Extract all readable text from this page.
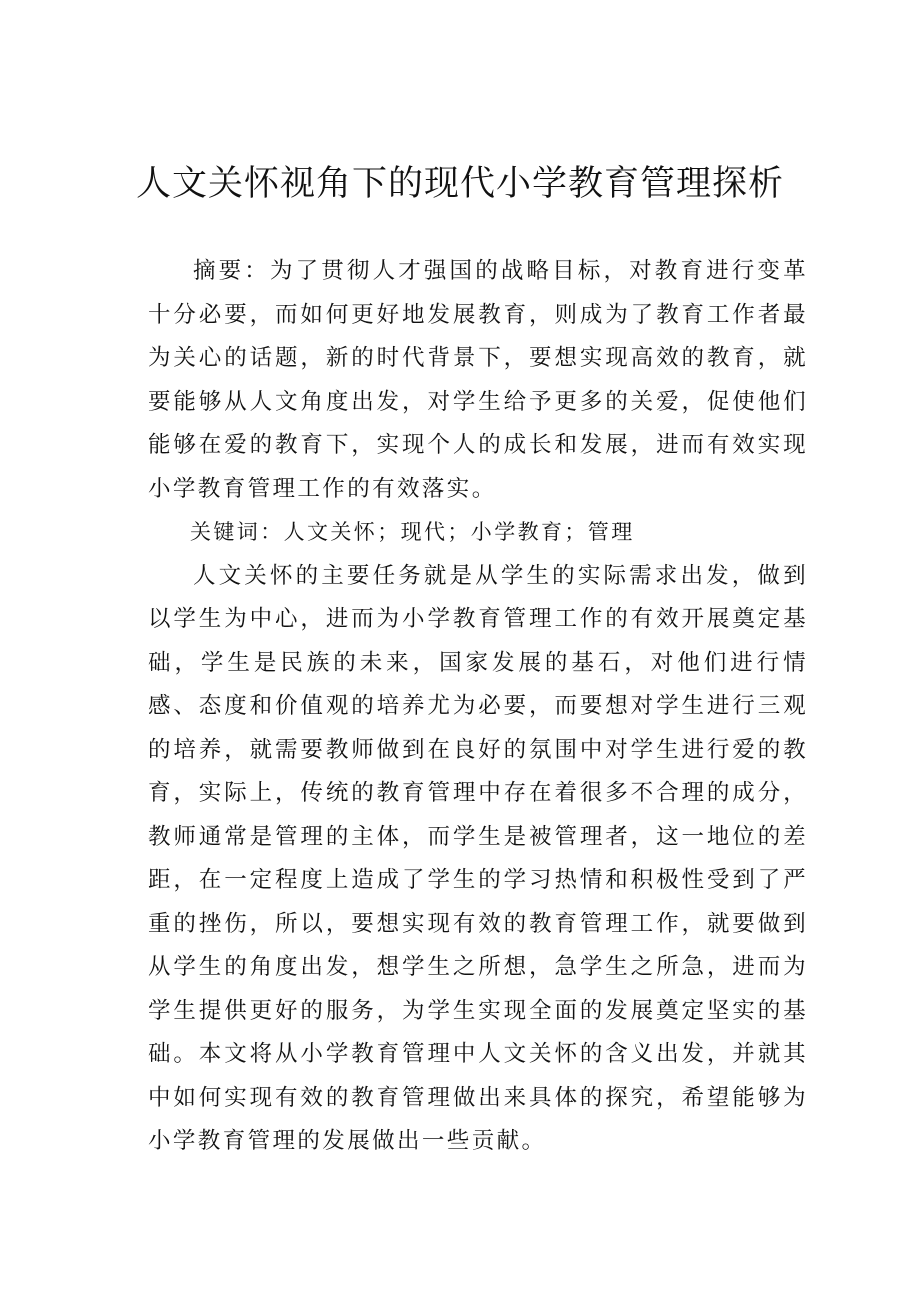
人文关怀视角下的现代小学教育管理探析

摘要：为了贯彻人才强国的战略目标，对教育进行变革十分必要，而如何更好地发展教育，则成为了教育工作者最为关心的话题，新的时代背景下，要想实现高效的教育，就要能够从人文角度出发，对学生给予更多的关爱，促使他们能够在爱的教育下，实现个人的成长和发展，进而有效实现小学教育管理工作的有效落实。

关键词：人文关怀；现代；小学教育；管理

人文关怀的主要任务就是从学生的实际需求出发，做到以学生为中心，进而为小学教育管理工作的有效开展奠定基础，学生是民族的未来，国家发展的基石，对他们进行情感、态度和价值观的培养尤为必要，而要想对学生进行三观的培养，就需要教师做到在良好的氛围中对学生进行爱的教育，实际上，传统的教育管理中存在着很多不合理的成分，教师通常是管理的主体，而学生是被管理者，这一地位的差距，在一定程度上造成了学生的学习热情和积极性受到了严重的挫伤，所以，要想实现有效的教育管理工作，就要做到从学生的角度出发，想学生之所想，急学生之所急，进而为学生提供更好的服务，为学生实现全面的发展奠定坚实的基础。本文将从小学教育管理中人文关怀的含义出发，并就其中如何实现有效的教育管理做出来具体的探究，希望能够为小学教育管理的发展做出一些贡献。
